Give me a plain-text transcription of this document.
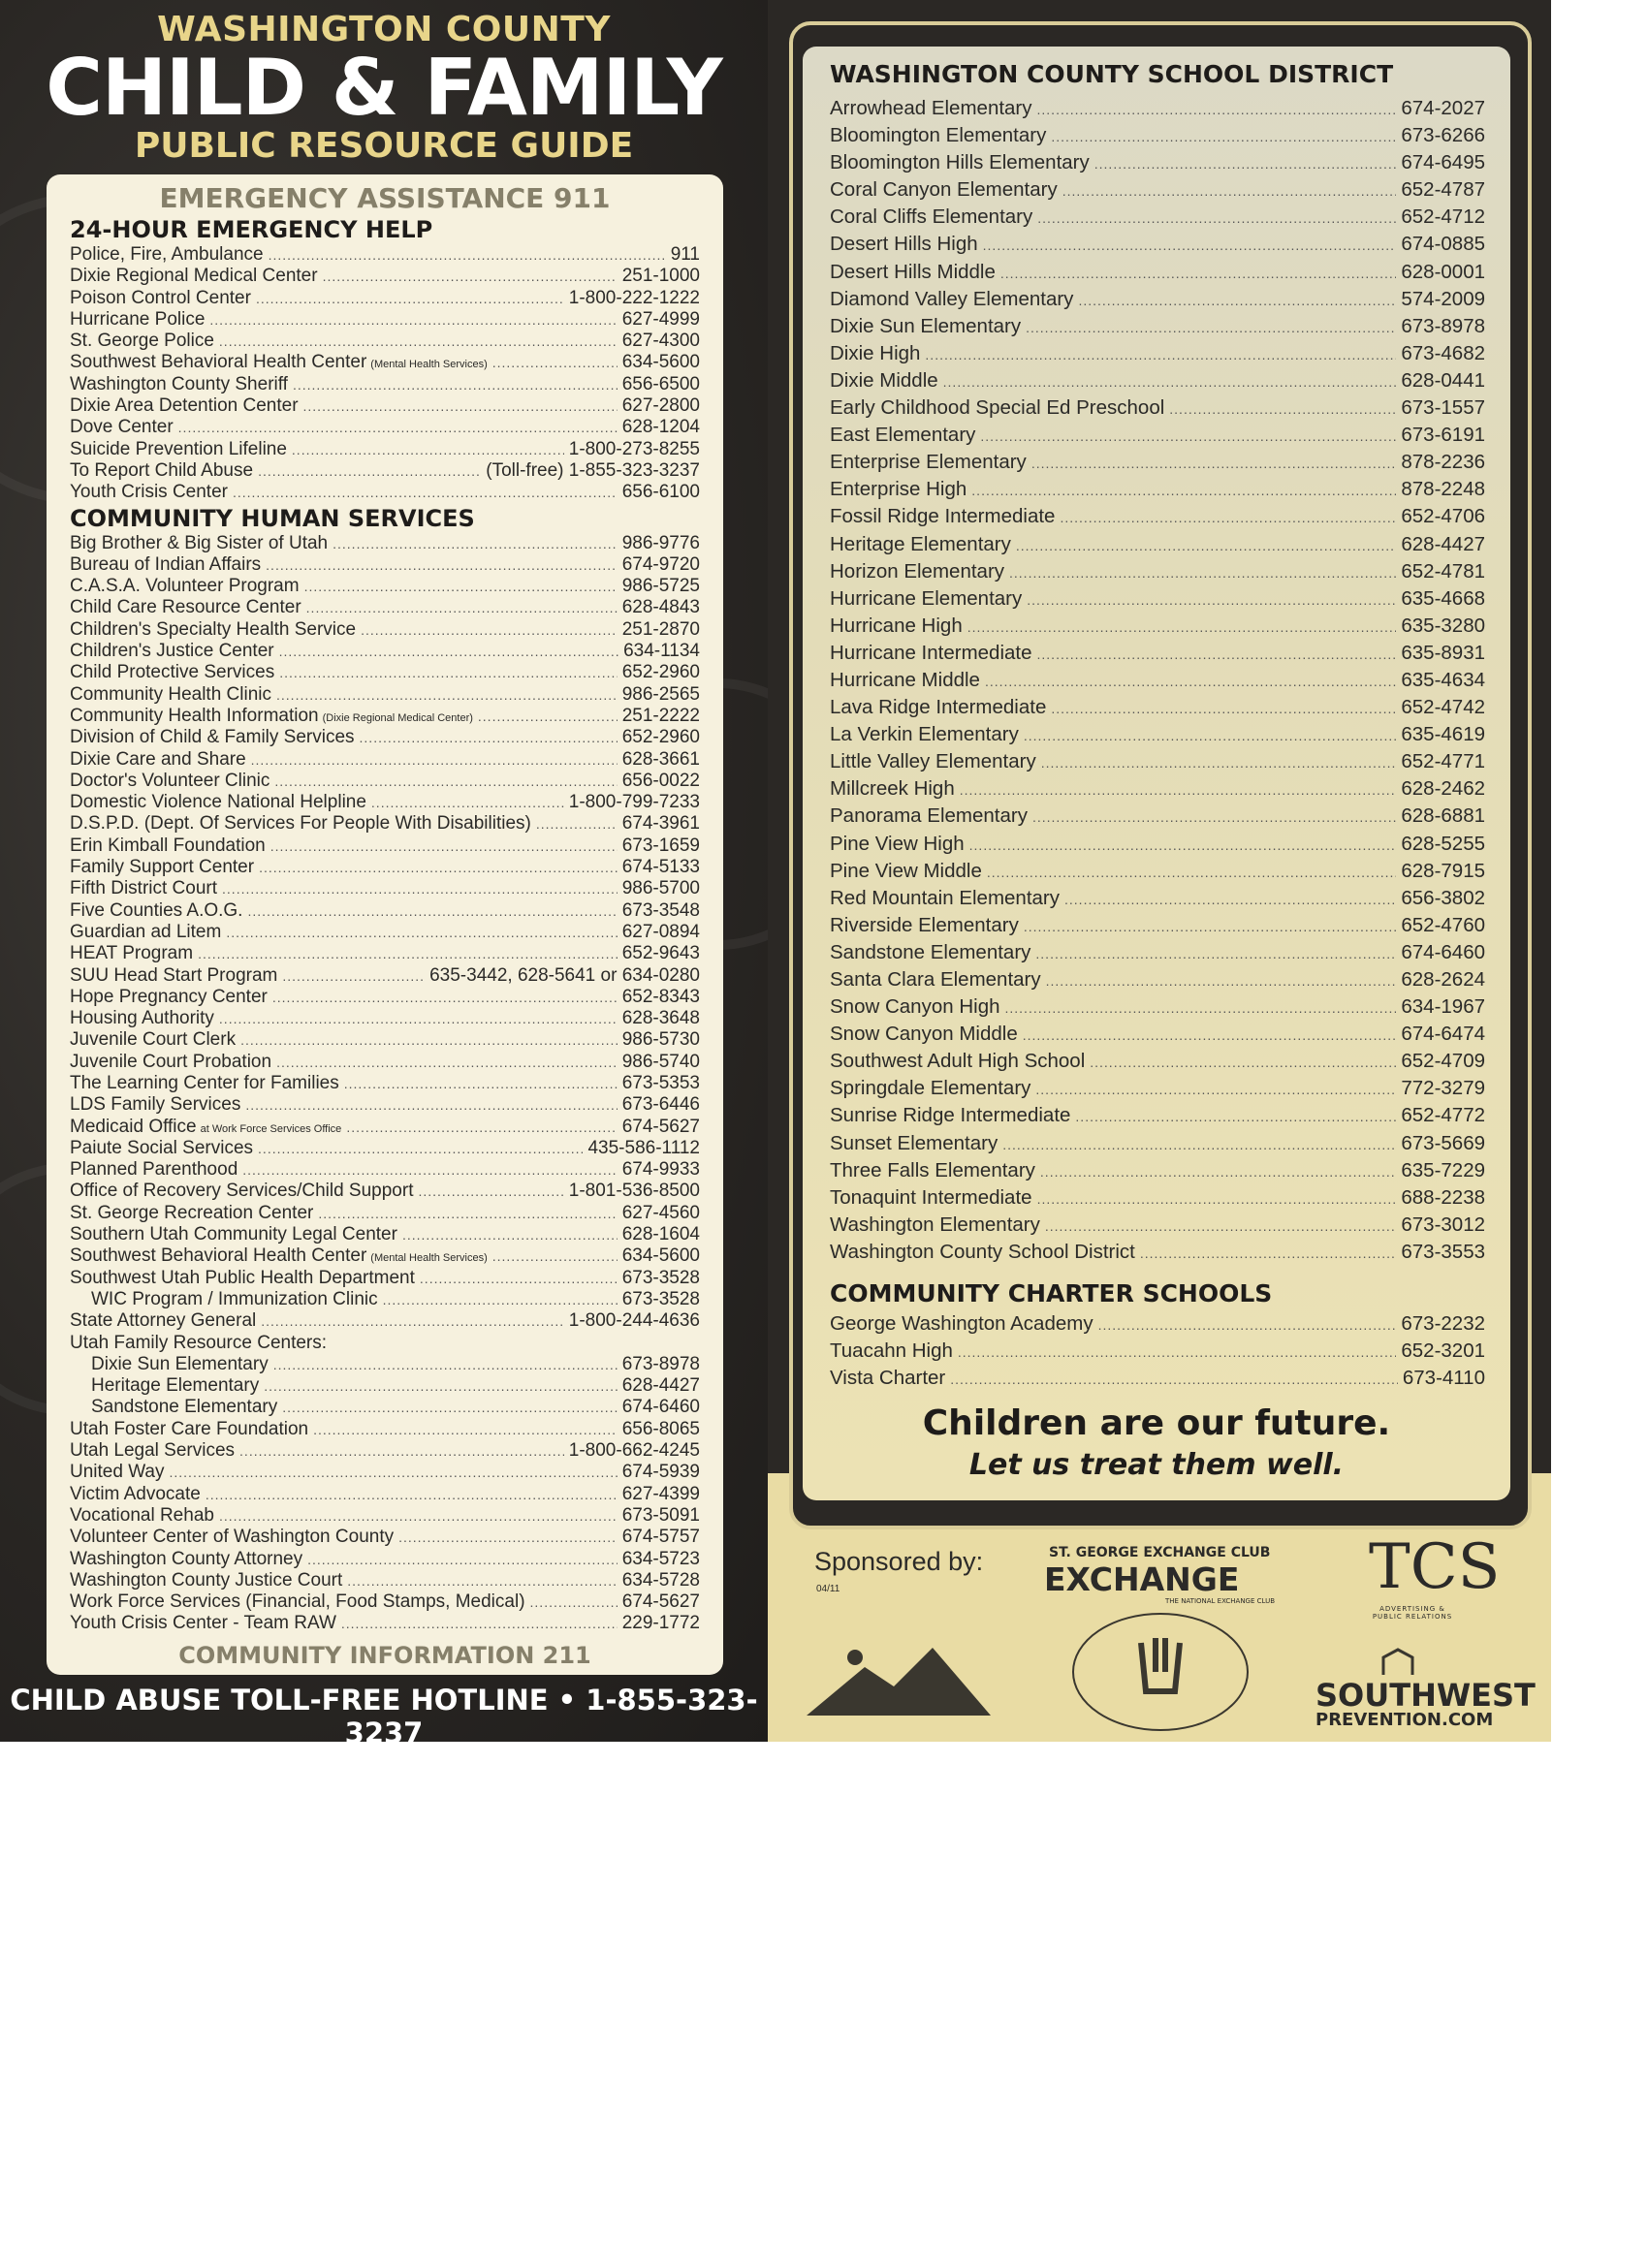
WASHINGTON COUNTY
CHILD & FAMILY
PUBLIC RESOURCE GUIDE
EMERGENCY ASSISTANCE 911
24-HOUR EMERGENCY HELP
Police, Fire, Ambulance .....	911
Dixie Regional Medical Center .....	251-1000
Poison Control Center .....	1-800-222-1222
Hurricane Police .....	627-4999
St. George Police .....	627-4300
Southwest Behavioral Health Center (Mental Health Services) .....	634-5600
Washington County Sheriff .....	656-6500
Dixie Area Detention Center .....	627-2800
Dove Center .....	628-1204
Suicide Prevention Lifeline .....	1-800-273-8255
To Report Child Abuse .....	(Toll-free) 1-855-323-3237
Youth Crisis Center .....	656-6100
COMMUNITY HUMAN SERVICES
Big Brother & Big Sister of Utah .....	986-9776
Bureau of Indian Affairs .....	674-9720
C.A.S.A. Volunteer Program .....	986-5725
Child Care Resource Center .....	628-4843
Children's Specialty Health Service .....	251-2870
Children's Justice Center .....	634-1134
Child Protective Services .....	652-2960
Community Health Clinic .....	986-2565
Community Health Information (Dixie Regional Medical Center) .....	251-2222
Division of Child & Family Services .....	652-2960
Dixie Care and Share .....	628-3661
Doctor's Volunteer Clinic .....	656-0022
Domestic Violence National Helpline .....	1-800-799-7233
D.S.P.D. (Dept. Of Services For People With Disabilities) .....	674-3961
Erin Kimball Foundation .....	673-1659
Family Support Center .....	674-5133
Fifth District Court .....	986-5700
Five Counties A.O.G. .....	673-3548
Guardian ad Litem .....	627-0894
HEAT Program .....	652-9643
SUU Head Start Program .....	635-3442, 628-5641 or 634-0280
Hope Pregnancy Center .....	652-8343
Housing Authority .....	628-3648
Juvenile Court Clerk .....	986-5730
Juvenile Court Probation .....	986-5740
The Learning Center for Families .....	673-5353
LDS Family Services .....	673-6446
Medicaid Office at Work Force Services Office .....	674-5627
Paiute Social Services .....	435-586-1112
Planned Parenthood .....	674-9933
Office of Recovery Services/Child Support .....	1-801-536-8500
St. George Recreation Center .....	627-4560
Southern Utah Community Legal Center .....	628-1604
Southwest Behavioral Health Center (Mental Health Services) .....	634-5600
Southwest Utah Public Health Department .....	673-3528
WIC Program / Immunization Clinic .....	673-3528
State Attorney General .....	1-800-244-4636
Utah Family Resource Centers:
Dixie Sun Elementary .....	673-8978
Heritage Elementary .....	628-4427
Sandstone Elementary .....	674-6460
Utah Foster Care Foundation .....	656-8065
Utah Legal Services .....	1-800-662-4245
United Way .....	674-5939
Victim Advocate .....	627-4399
Vocational Rehab .....	673-5091
Volunteer Center of Washington County .....	674-5757
Washington County Attorney .....	634-5723
Washington County Justice Court .....	634-5728
Work Force Services (Financial, Food Stamps, Medical) .....	674-5627
Youth Crisis Center - Team RAW .....	229-1772
COMMUNITY INFORMATION 211
CHILD ABUSE TOLL-FREE HOTLINE • 1-855-323-3237
WASHINGTON COUNTY SCHOOL DISTRICT
Arrowhead Elementary .....	674-2027
Bloomington Elementary .....	673-6266
Bloomington Hills Elementary .....	674-6495
Coral Canyon Elementary .....	652-4787
Coral Cliffs Elementary .....	652-4712
Desert Hills High .....	674-0885
Desert Hills Middle .....	628-0001
Diamond Valley Elementary .....	574-2009
Dixie Sun Elementary .....	673-8978
Dixie High .....	673-4682
Dixie Middle .....	628-0441
Early Childhood Special Ed Preschool .....	673-1557
East Elementary .....	673-6191
Enterprise Elementary .....	878-2236
Enterprise High .....	878-2248
Fossil Ridge Intermediate .....	652-4706
Heritage Elementary .....	628-4427
Horizon Elementary .....	652-4781
Hurricane Elementary .....	635-4668
Hurricane High .....	635-3280
Hurricane Intermediate .....	635-8931
Hurricane Middle .....	635-4634
Lava Ridge Intermediate .....	652-4742
La Verkin Elementary .....	635-4619
Little Valley Elementary .....	652-4771
Millcreek High .....	628-2462
Panorama Elementary .....	628-6881
Pine View High .....	628-5255
Pine View Middle .....	628-7915
Red Mountain Elementary .....	656-3802
Riverside Elementary .....	652-4760
Sandstone Elementary .....	674-6460
Santa Clara Elementary .....	628-2624
Snow Canyon High .....	634-1967
Snow Canyon Middle .....	674-6474
Southwest Adult High School .....	652-4709
Springdale Elementary .....	772-3279
Sunrise Ridge Intermediate .....	652-4772
Sunset Elementary .....	673-5669
Three Falls Elementary .....	635-7229
Tonaquint Intermediate .....	688-2238
Washington Elementary .....	673-3012
Washington County School District .....	673-3553
COMMUNITY CHARTER SCHOOLS
George Washington Academy .....	673-2232
Tuacahn High .....	652-3201
Vista Charter .....	673-4110
Children are our future.
Let us treat them well.
Sponsored by:
04/11
ST. GEORGE EXCHANGE CLUB
EXCHANGE
THE NATIONAL EXCHANGE CLUB TCS
ADVERTISING & PUBLIC RELATIONS
SOUTHWEST
PREVENTION.COM
